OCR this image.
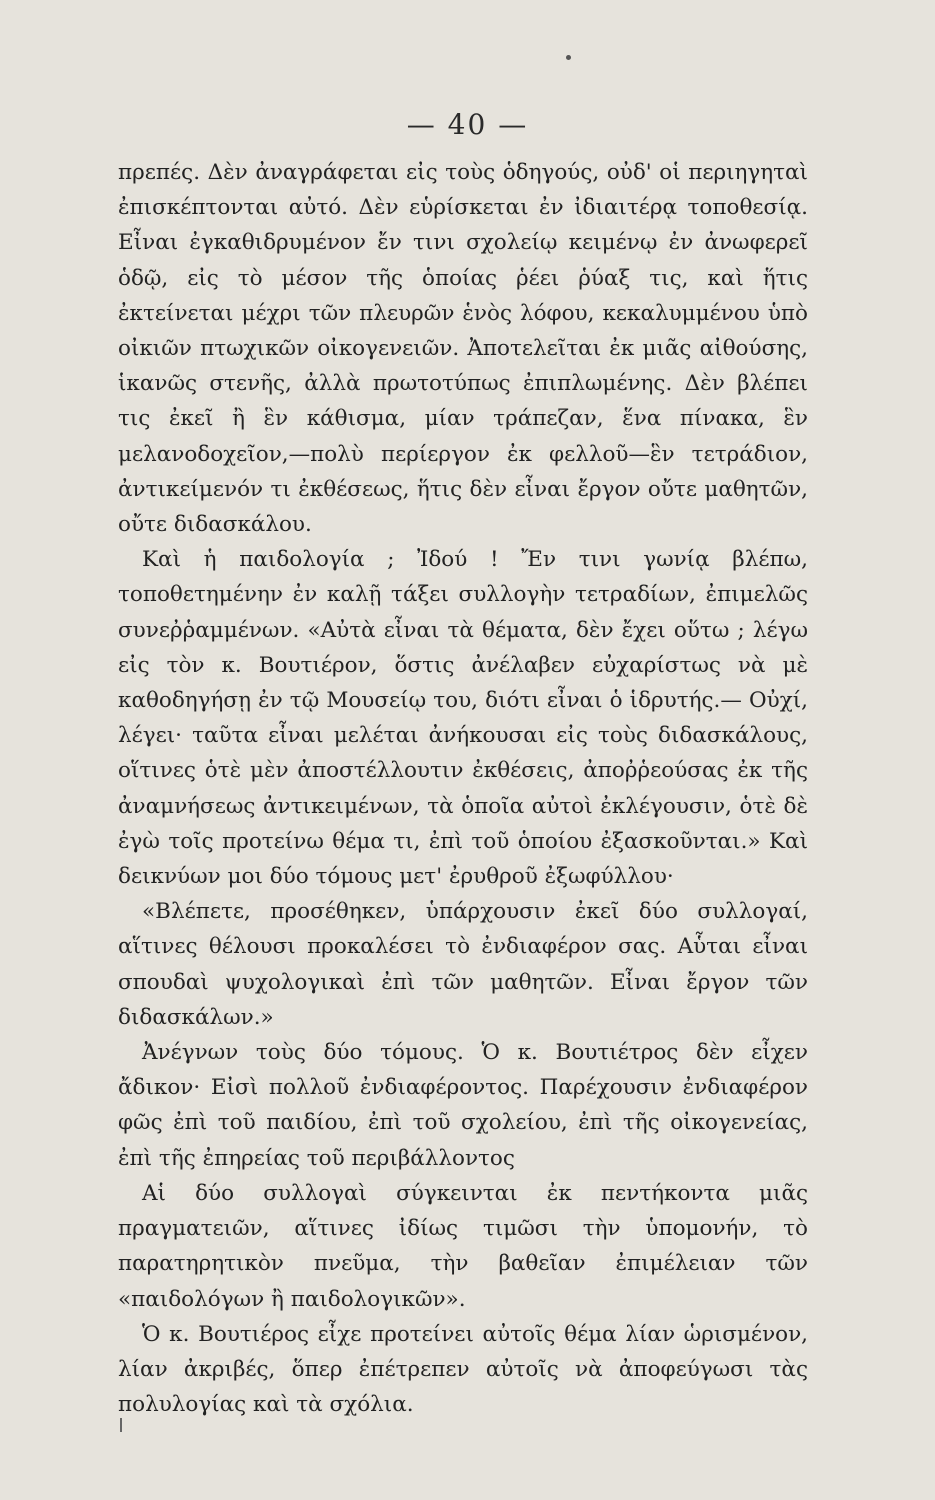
— 40 —

πρεπές. Δὲν ἀναγράφεται εἰς τοὺς ὁδηγούς, οὐδ' οἱ περιηγηταὶ ἐπισκέπτονται αὐτό. Δὲν εὑρίσκεται ἐν ἰδιαιτέρᾳ τοποθεσίᾳ. Εἶναι ἐγκαθιδρυμένον ἔν τινι σχολείῳ κειμένῳ ἐν ἀνωφερεῖ ὁδῷ, εἰς τὸ μέσον τῆς ὁποίας ῥέει ῥύαξ τις, καὶ ἥτις ἐκτείνεται μέχρι τῶν πλευρῶν ἑνὸς λόφου, κεκαλυμμένου ὑπὸ οἰκιῶν πτωχικῶν οἰκογενειῶν. Ἀποτελεῖται ἐκ μιᾶς αἰθούσης, ἱκανῶς στενῆς, ἀλλὰ πρωτοτύπως ἐπιπλωμένης. Δὲν βλέπει τις ἐκεῖ ἢ ἓν κάθισμα, μίαν τράπεζαν, ἕνα πίνακα, ἓν μελανοδοχεῖον,—πολὺ περίεργον ἐκ φελλοῦ—ἓν τετράδιον, ἀντικείμενόν τι ἐκθέσεως, ἥτις δὲν εἶναι ἔργον οὔτε μαθητῶν, οὔτε διδασκάλου.

Καὶ ἡ παιδολογία ; Ἰδού ! Ἔν τινι γωνίᾳ βλέπω, τοποθετημένην ἐν καλῇ τάξει συλλογὴν τετραδίων, ἐπιμελῶς συνεῤῥαμμένων. «Αὐτὰ εἶναι τὰ θέματα, δὲν ἔχει οὕτω ; λέγω εἰς τὸν κ. Βουτιέρον, ὅστις ἀνέλαβεν εὐχαρίστως νὰ μὲ καθοδηγήσῃ ἐν τῷ Μουσείῳ του, διότι εἶναι ὁ ἱδρυτής.— Οὐχί, λέγει· ταῦτα εἶναι μελέται ἀνήκουσαι εἰς τοὺς διδασκάλους, οἵτινες ὁτὲ μὲν ἀποστέλλουτιν ἐκθέσεις, ἀποῤῥεούσας ἐκ τῆς ἀναμνήσεως ἀντικειμένων, τὰ ὁποῖα αὐτοὶ ἐκλέγουσιν, ὁτὲ δὲ ἐγὼ τοῖς προτείνω θέμα τι, ἐπὶ τοῦ ὁποίου ἐξασκοῦνται.» Καὶ δεικνύων μοι δύο τόμους μετ' ἐρυθροῦ ἐξωφύλλου·

«Βλέπετε, προσέθηκεν, ὑπάρχουσιν ἐκεῖ δύο συλλογαί, αἵτινες θέλουσι προκαλέσει τὸ ἐνδιαφέρον σας. Αὗται εἶναι σπουδαὶ ψυχολογικαὶ ἐπὶ τῶν μαθητῶν. Εἶναι ἔργον τῶν διδασκάλων.»

Ἀνέγνων τοὺς δύο τόμους. Ὁ κ. Βουτιέτρος δὲν εἶχεν ἄδικον· Εἰσὶ πολλοῦ ἐνδιαφέροντος. Παρέχουσιν ἐνδιαφέρον φῶς ἐπὶ τοῦ παιδίου, ἐπὶ τοῦ σχολείου, ἐπὶ τῆς οἰκογενείας, ἐπὶ τῆς ἐπηρείας τοῦ περιβάλλοντος

Αἱ δύο συλλογαὶ σύγκεινται ἐκ πεντήκοντα μιᾶς πραγματειῶν, αἵτινες ἰδίως τιμῶσι τὴν ὑπομονήν, τὸ παρατηρητικὸν πνεῦμα, τὴν βαθεῖαν ἐπιμέλειαν τῶν «παιδολόγων ἢ παιδολογικῶν».

Ὁ κ. Βουτιέρος εἶχε προτείνει αὐτοῖς θέμα λίαν ὡρισμένον, λίαν ἀκριβές, ὅπερ ἐπέτρεπεν αὐτοῖς νὰ ἀποφεύγωσι τὰς πολυλογίας καὶ τὰ σχόλια.
